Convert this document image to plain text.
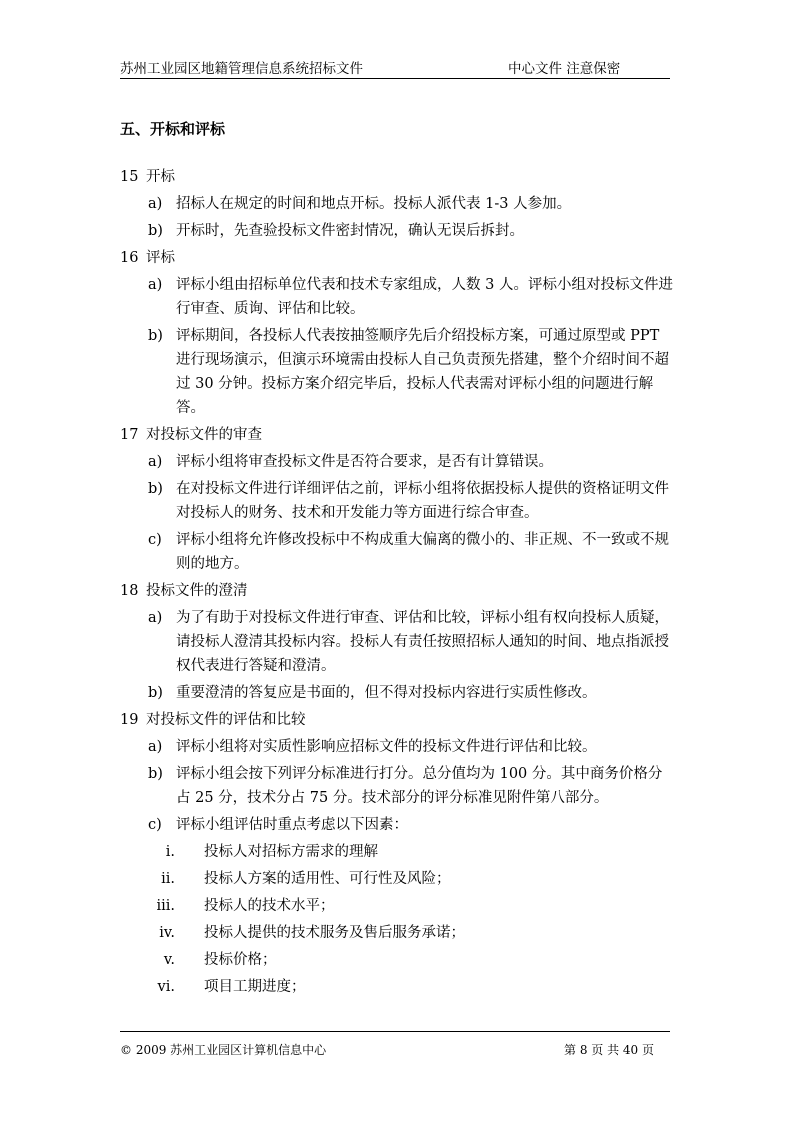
苏州工业园区地籍管理信息系统招标文件	中心文件 注意保密
五、开标和评标
15 开标
a) 招标人在规定的时间和地点开标。投标人派代表 1-3 人参加。
b) 开标时，先查验投标文件密封情况，确认无误后拆封。
16 评标
a) 评标小组由招标单位代表和技术专家组成，人数 3 人。评标小组对投标文件进行审查、质询、评估和比较。
b) 评标期间，各投标人代表按抽签顺序先后介绍投标方案，可通过原型或 PPT 进行现场演示，但演示环境需由投标人自己负责预先搭建，整个介绍时间不超过 30 分钟。投标方案介绍完毕后，投标人代表需对评标小组的问题进行解答。
17 对投标文件的审查
a) 评标小组将审查投标文件是否符合要求，是否有计算错误。
b) 在对投标文件进行详细评估之前，评标小组将依据投标人提供的资格证明文件对投标人的财务、技术和开发能力等方面进行综合审查。
c) 评标小组将允许修改投标中不构成重大偏离的微小的、非正规、不一致或不规则的地方。
18 投标文件的澄清
a) 为了有助于对投标文件进行审查、评估和比较，评标小组有权向投标人质疑，请投标人澄清其投标内容。投标人有责任按照招标人通知的时间、地点指派授权代表进行答疑和澄清。
b) 重要澄清的答复应是书面的，但不得对投标内容进行实质性修改。
19 对投标文件的评估和比较
a) 评标小组将对实质性影响应招标文件的投标文件进行评估和比较。
b) 评标小组会按下列评分标准进行打分。总分值均为 100 分。其中商务价格分占 25 分，技术分占 75 分。技术部分的评分标准见附件第八部分。
c) 评标小组评估时重点考虑以下因素：
i.	投标人对招标方需求的理解
ii.	投标人方案的适用性、可行性及风险；
iii.	投标人的技术水平；
iv.	投标人提供的技术服务及售后服务承诺；
v.	投标价格；
vi.	项目工期进度；
© 2009 苏州工业园区计算机信息中心	第 8 页 共 40 页
